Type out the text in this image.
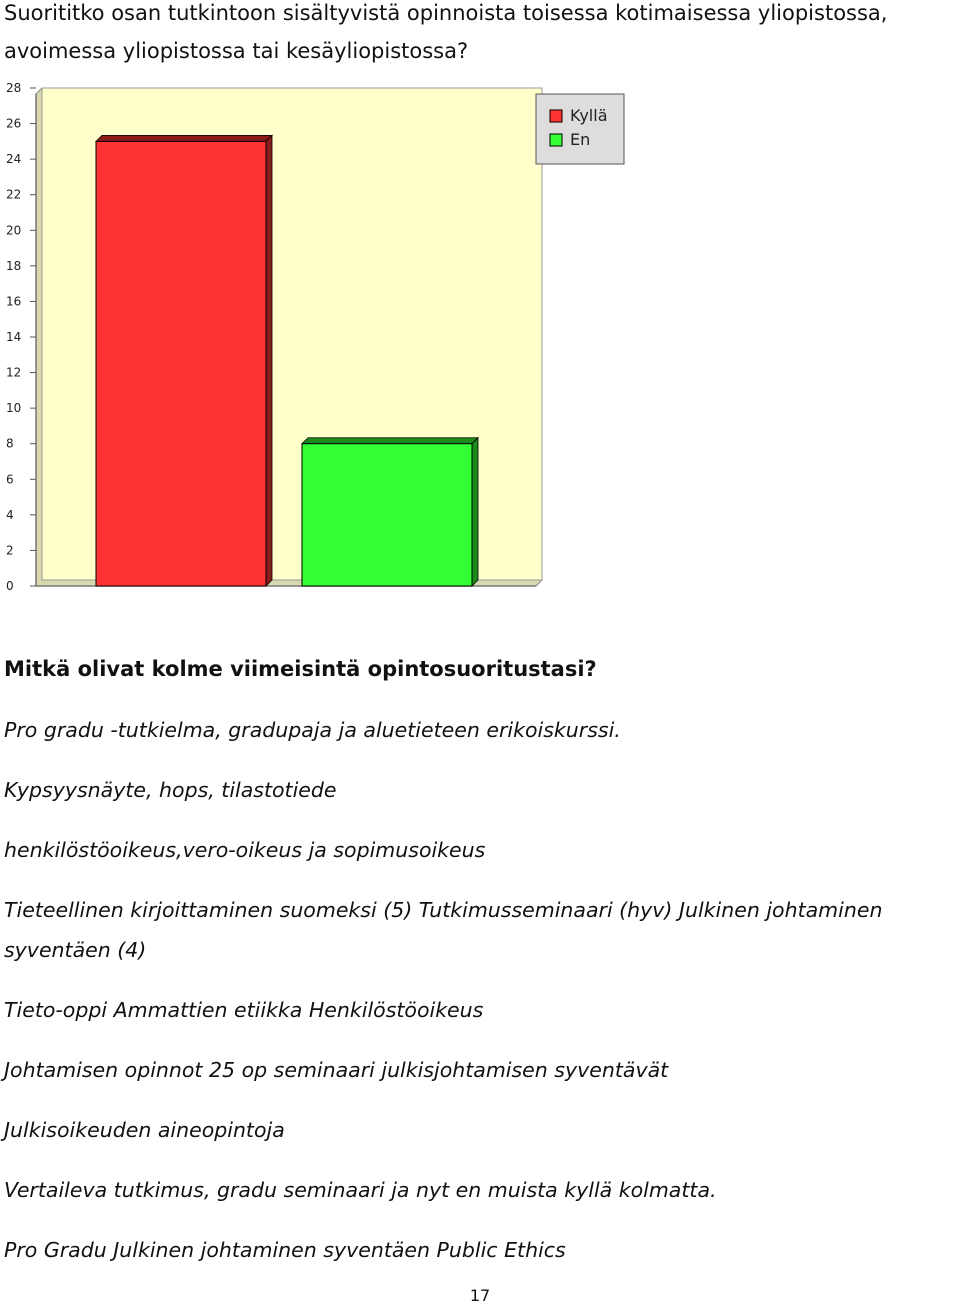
Suorititko osan tutkintoon sisältyvistä opinnoista toisessa kotimaisessa yliopistossa, avoimessa yliopistossa tai kesäyliopistossa?
0
2
4
6
8
10
12
14
16
18
20
22
24
26
28
Kyllä
En
Mitkä olivat kolme viimeisintä opintosuoritustasi?
Pro gradu -tutkielma, gradupaja ja aluetieteen erikoiskurssi.
Kypsyysnäyte, hops, tilastotiede
henkilöstöoikeus,vero-oikeus ja sopimusoikeus
Tieteellinen kirjoittaminen suomeksi (5) Tutkimusseminaari (hyv) Julkinen johtaminen syventäen (4)
Tieto-oppi Ammattien etiikka Henkilöstöoikeus
Johtamisen opinnot 25 op seminaari julkisjohtamisen syventävät
Julkisoikeuden aineopintoja
Vertaileva tutkimus, gradu seminaari ja nyt en muista kyllä kolmatta.
Pro Gradu Julkinen johtaminen syventäen Public Ethics
17
